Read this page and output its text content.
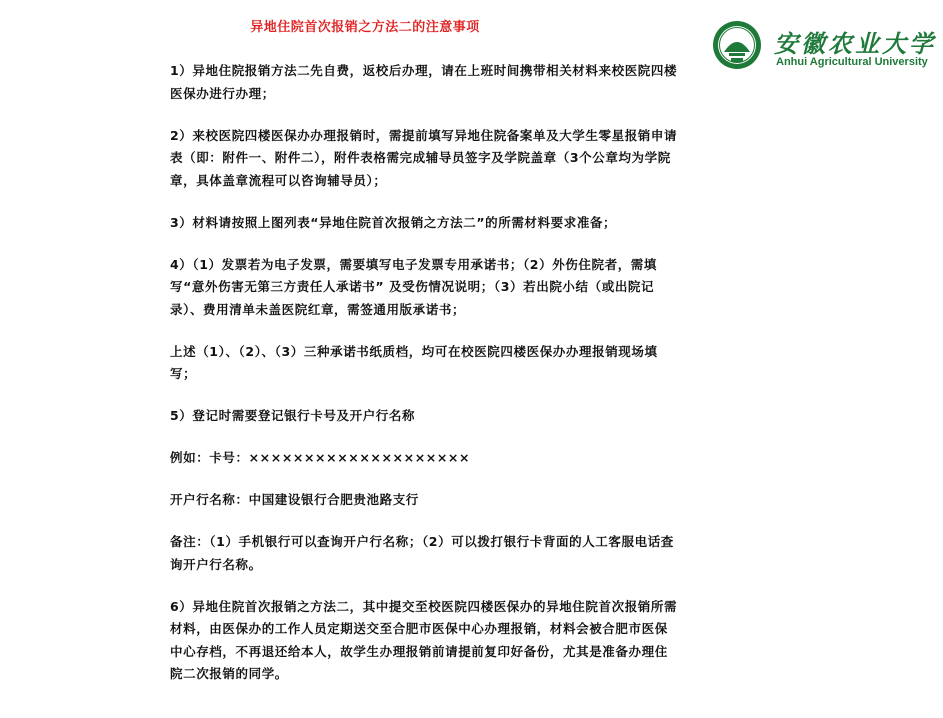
异地住院首次报销之方法二的注意事项
安徽农业大学
Anhui Agricultural University

1）异地住院报销方法二先自费，返校后办理，请在上班时间携带相关材料来校医院四楼医保办进行办理；

2）来校医院四楼医保办办理报销时，需提前填写异地住院备案单及大学生零星报销申请表（即：附件一、附件二），附件表格需完成辅导员签字及学院盖章（3个公章均为学院章，具体盖章流程可以咨询辅导员）；

3）材料请按照上图列表“异地住院首次报销之方法二”的所需材料要求准备；

4）（1）发票若为电子发票，需要填写电子发票专用承诺书；（2）外伤住院者，需填写“意外伤害无第三方责任人承诺书” 及受伤情况说明；（3）若出院小结（或出院记录）、费用清单未盖医院红章，需签通用版承诺书；

上述（1）、（2）、（3）三种承诺书纸质档，均可在校医院四楼医保办办理报销现场填写；

5）登记时需要登记银行卡号及开户行名称

例如：卡号：××××××××××××××××××××

开户行名称：中国建设银行合肥贵池路支行

备注：（1）手机银行可以查询开户行名称；（2）可以拨打银行卡背面的人工客服电话查询开户行名称。

6）异地住院首次报销之方法二，其中提交至校医院四楼医保办的异地住院首次报销所需材料，由医保办的工作人员定期送交至合肥市医保中心办理报销，材料会被合肥市医保中心存档，不再退还给本人，故学生办理报销前请提前复印好备份，尤其是准备办理住院二次报销的同学。
